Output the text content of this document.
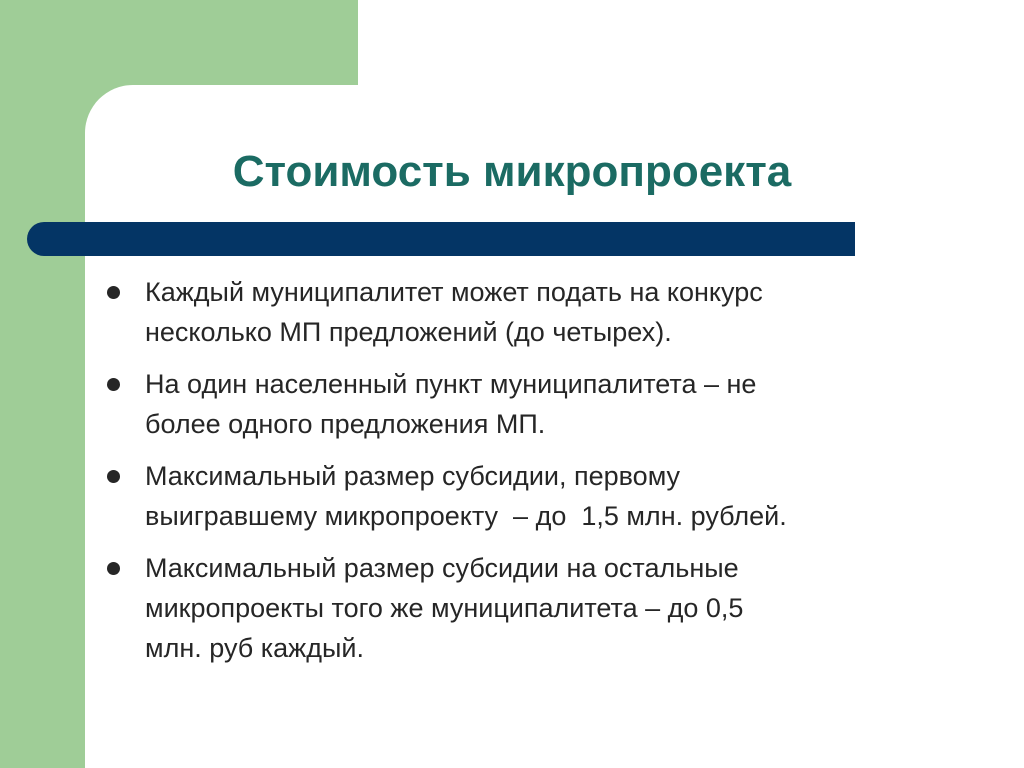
Стоимость микропроекта
Каждый муниципалитет может подать на конкурс
несколько МП предложений (до четырех).
На один населенный пункт муниципалитета – не
более одного предложения МП.
Максимальный размер субсидии, первому
выигравшему микропроекту  – до  1,5 млн. рублей.
Максимальный размер субсидии на остальные
микропроекты того же муниципалитета – до 0,5
млн. руб каждый.
